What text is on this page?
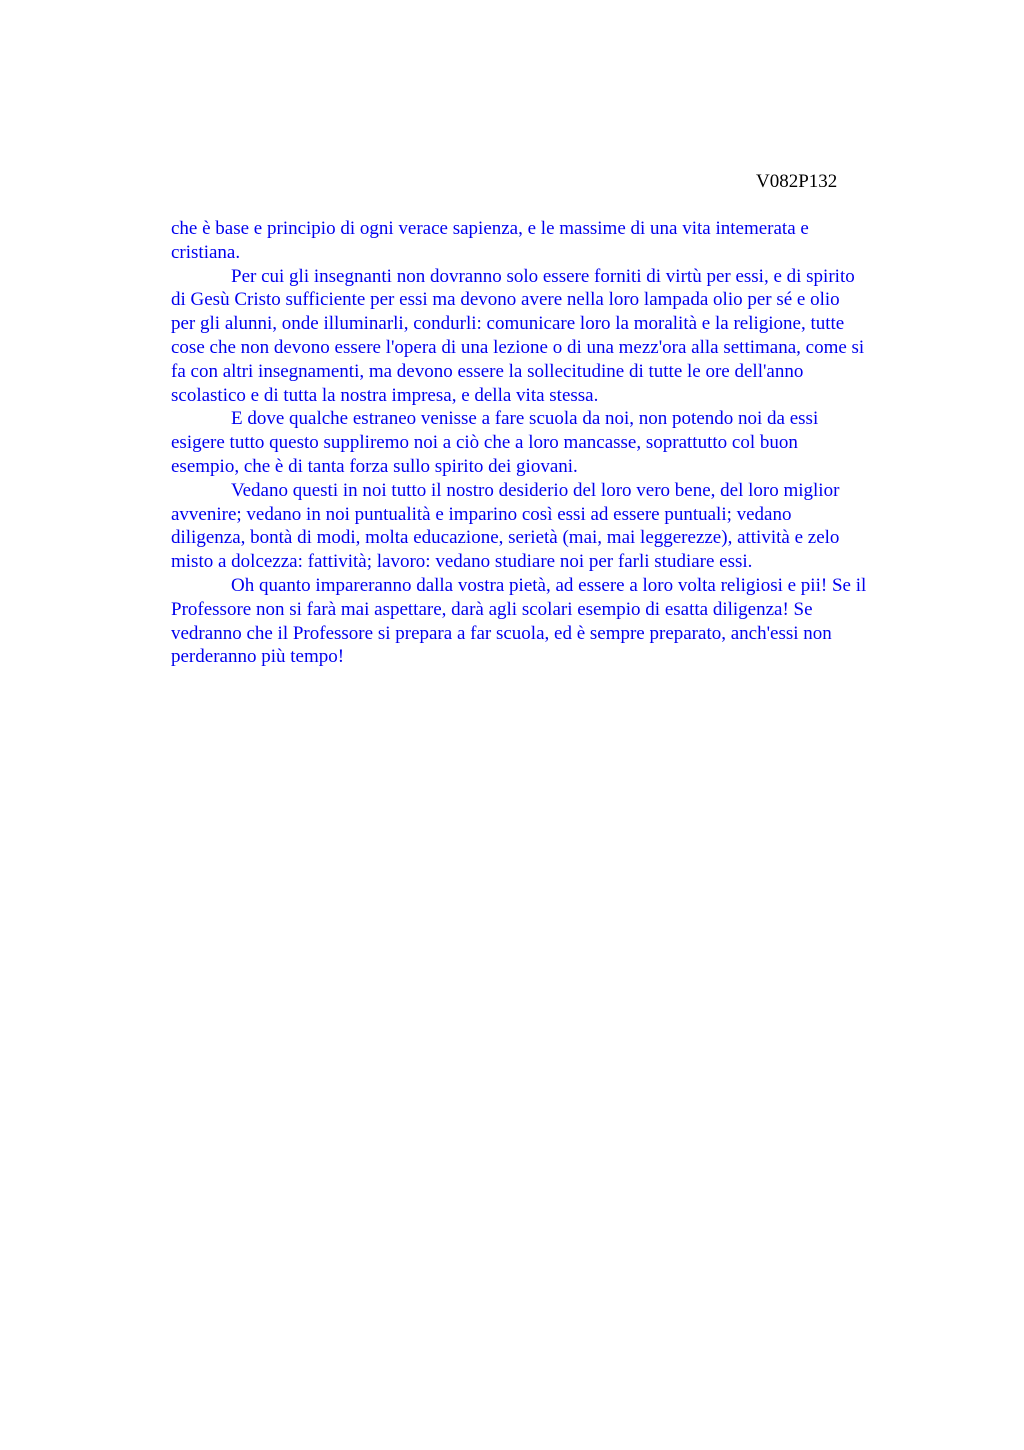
V082P132
che è base e principio di ogni verace sapienza, e le massime di una vita intemerata e
cristiana.
Per cui gli insegnanti non dovranno solo essere forniti di virtù per essi, e di spirito
di Gesù Cristo sufficiente per essi ma devono avere nella loro lampada olio per sé e olio
per gli alunni, onde illuminarli, condurli: comunicare loro la moralità e la religione, tutte
cose che non devono essere l'opera di una lezione o di una mezz'ora alla settimana, come si
fa con altri insegnamenti, ma devono essere la sollecitudine di tutte le ore dell'anno
scolastico e di tutta la nostra impresa, e della vita stessa.
E dove qualche estraneo venisse a fare scuola da noi, non potendo noi da essi
esigere tutto questo suppliremo noi a ciò che a loro mancasse, soprattutto col buon
esempio, che è di tanta forza sullo spirito dei giovani.
Vedano questi in noi tutto il nostro desiderio del loro vero bene, del loro miglior
avvenire; vedano in noi puntualità e imparino così essi ad essere puntuali; vedano
diligenza, bontà di modi, molta educazione, serietà (mai, mai leggerezze), attività e zelo
misto a dolcezza: fattività; lavoro: vedano studiare noi per farli studiare essi.
Oh quanto impareranno dalla vostra pietà, ad essere a loro volta religiosi e pii! Se il
Professore non si farà mai aspettare, darà agli scolari esempio di esatta diligenza! Se
vedranno che il Professore si prepara a far scuola, ed è sempre preparato, anch'essi non
perderanno più tempo!
